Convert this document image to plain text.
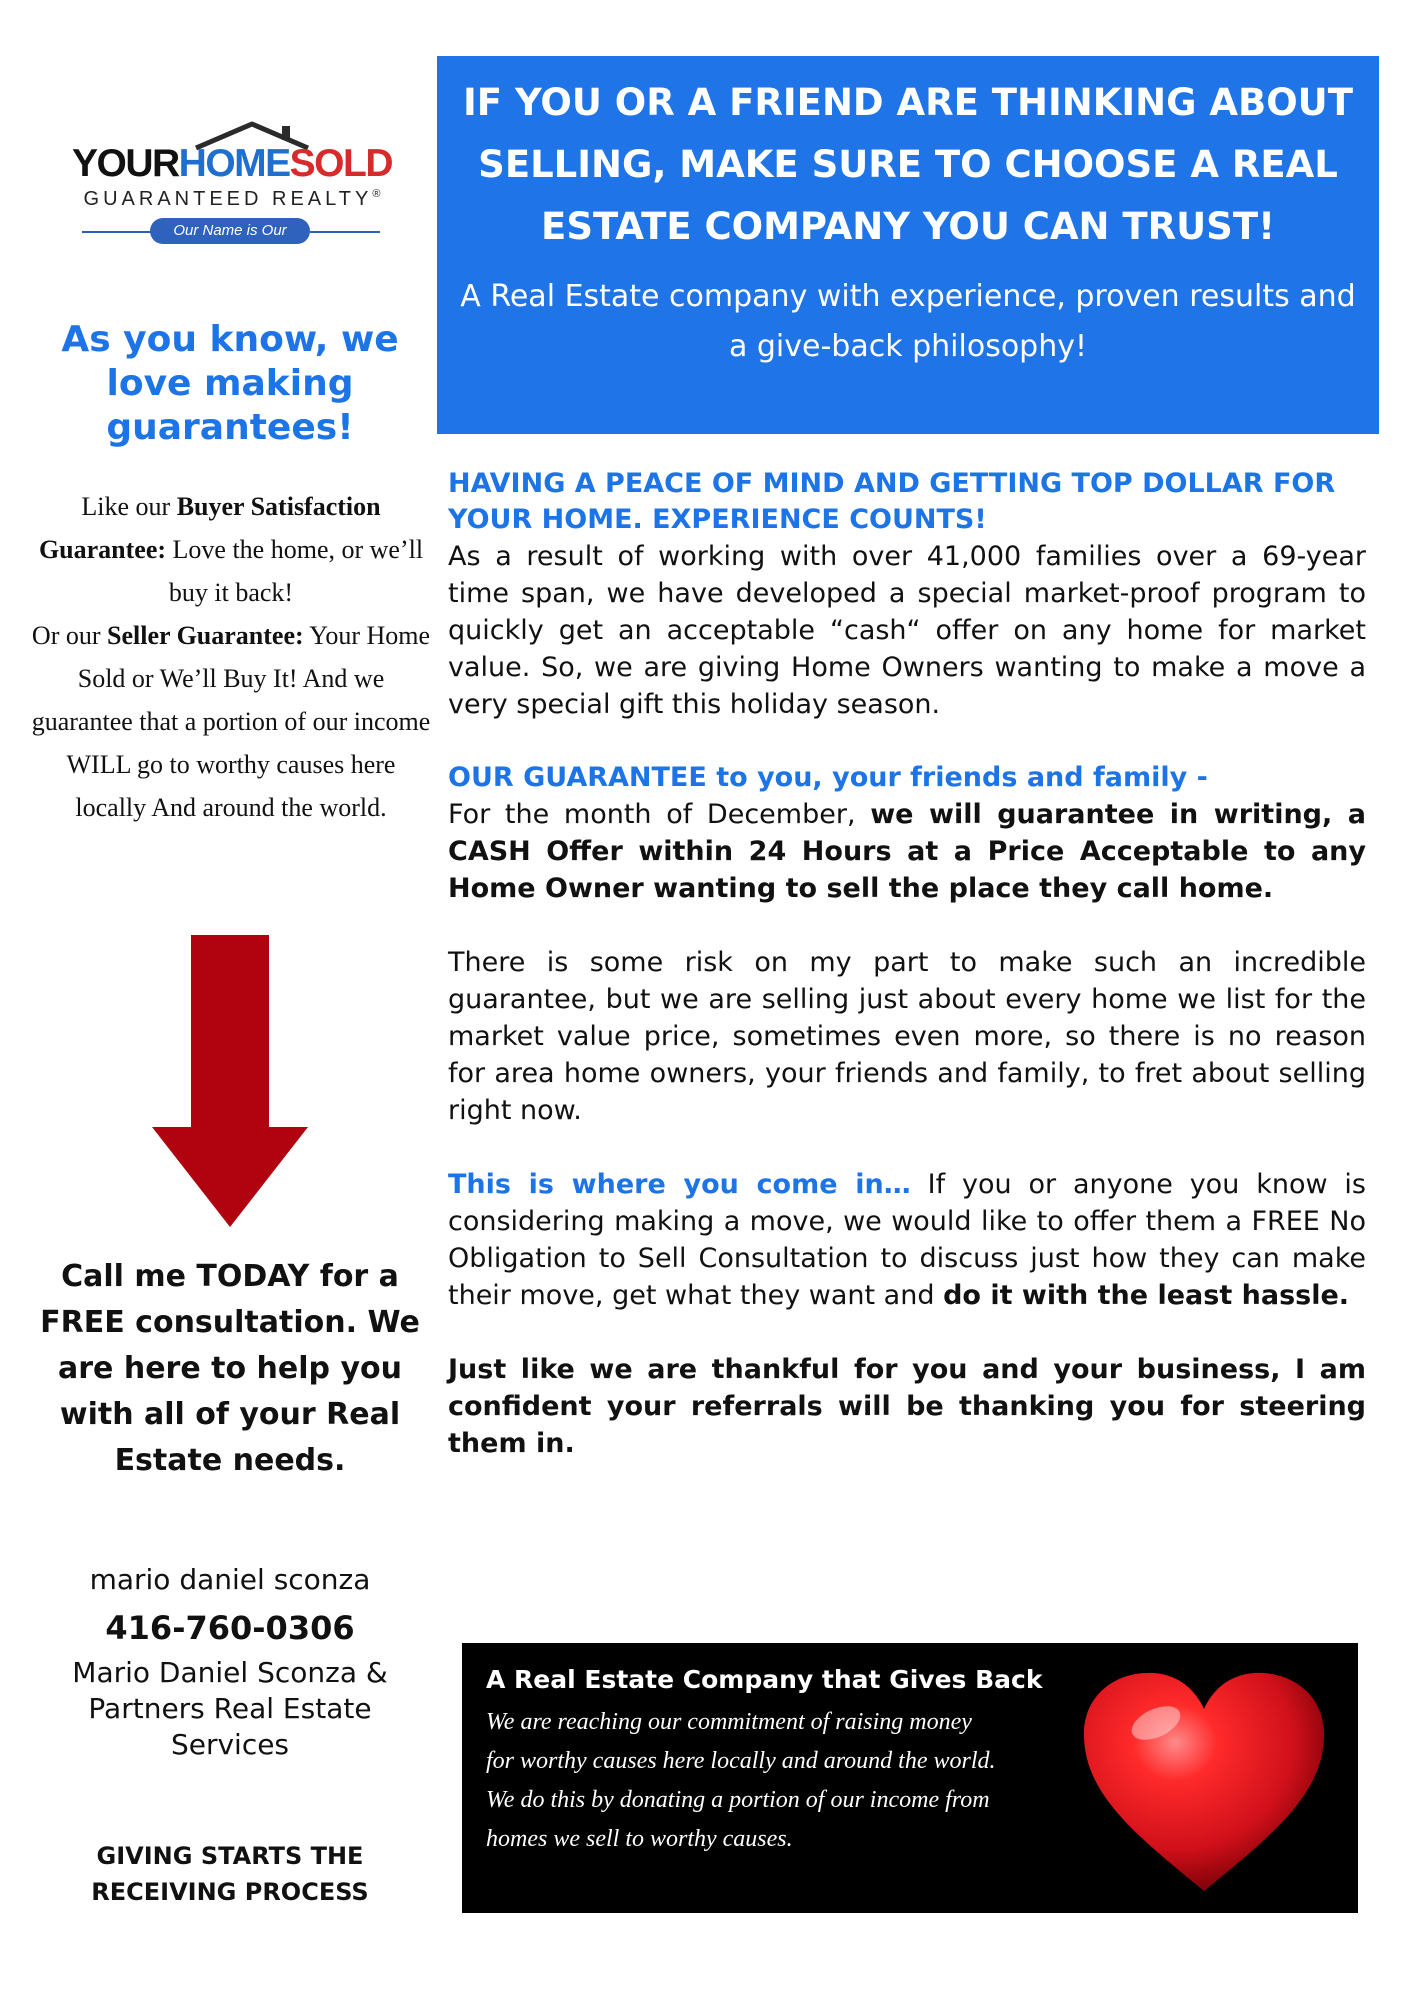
YOURHOMESOLD
GUARANTEED REALTY®
Our Name is Our Promise
As you know, we love making guarantees!

Like our Buyer Satisfaction Guarantee: Love the home, or we’ll buy it back!

Or our Seller Guarantee: Your Home Sold or We’ll Buy It! And we guarantee that a portion of our income WILL go to worthy causes here locally And around the world.

Call me TODAY for a FREE consultation. We are here to help you with all of your Real Estate needs.
mario daniel sconza
416-760-0306
Mario Daniel Sconza & Partners Real Estate Services
GIVING STARTS THE RECEIVING PROCESS
IF YOU OR A FRIEND ARE THINKING ABOUT SELLING, MAKE SURE TO CHOOSE A REAL ESTATE COMPANY YOU CAN TRUST!
A Real Estate company with experience, proven results and a give-back philosophy!

HAVING A PEACE OF MIND AND GETTING TOP DOLLAR FOR YOUR HOME. EXPERIENCE COUNTS!

As a result of working with over 41,000 families over a 69-year time span, we have developed a special market-proof program to quickly get an acceptable “cash“ offer on any home for market value. So, we are giving Home Owners wanting to make a move a very special gift this holiday season.

OUR GUARANTEE to you, your friends and family -

For the month of December, we will guarantee in writing, a CASH Offer within 24 Hours at a Price Acceptable to any Home Owner wanting to sell the place they call home.

There is some risk on my part to make such an incredible guarantee, but we are selling just about every home we list for the market value price, sometimes even more, so there is no reason for area home owners, your friends and family, to fret about selling right now.

This is where you come in… If you or anyone you know is considering making a move, we would like to offer them a FREE No Obligation to Sell Consultation to discuss just how they can make their move, get what they want and do it with the least hassle.

Just like we are thankful for you and your business, I am confident your referrals will be thanking you for steering them in.

A Real Estate Company that Gives Back
We are reaching our commitment of raising money for worthy causes here locally and around the world. We do this by donating a portion of our income from homes we sell to worthy causes.
